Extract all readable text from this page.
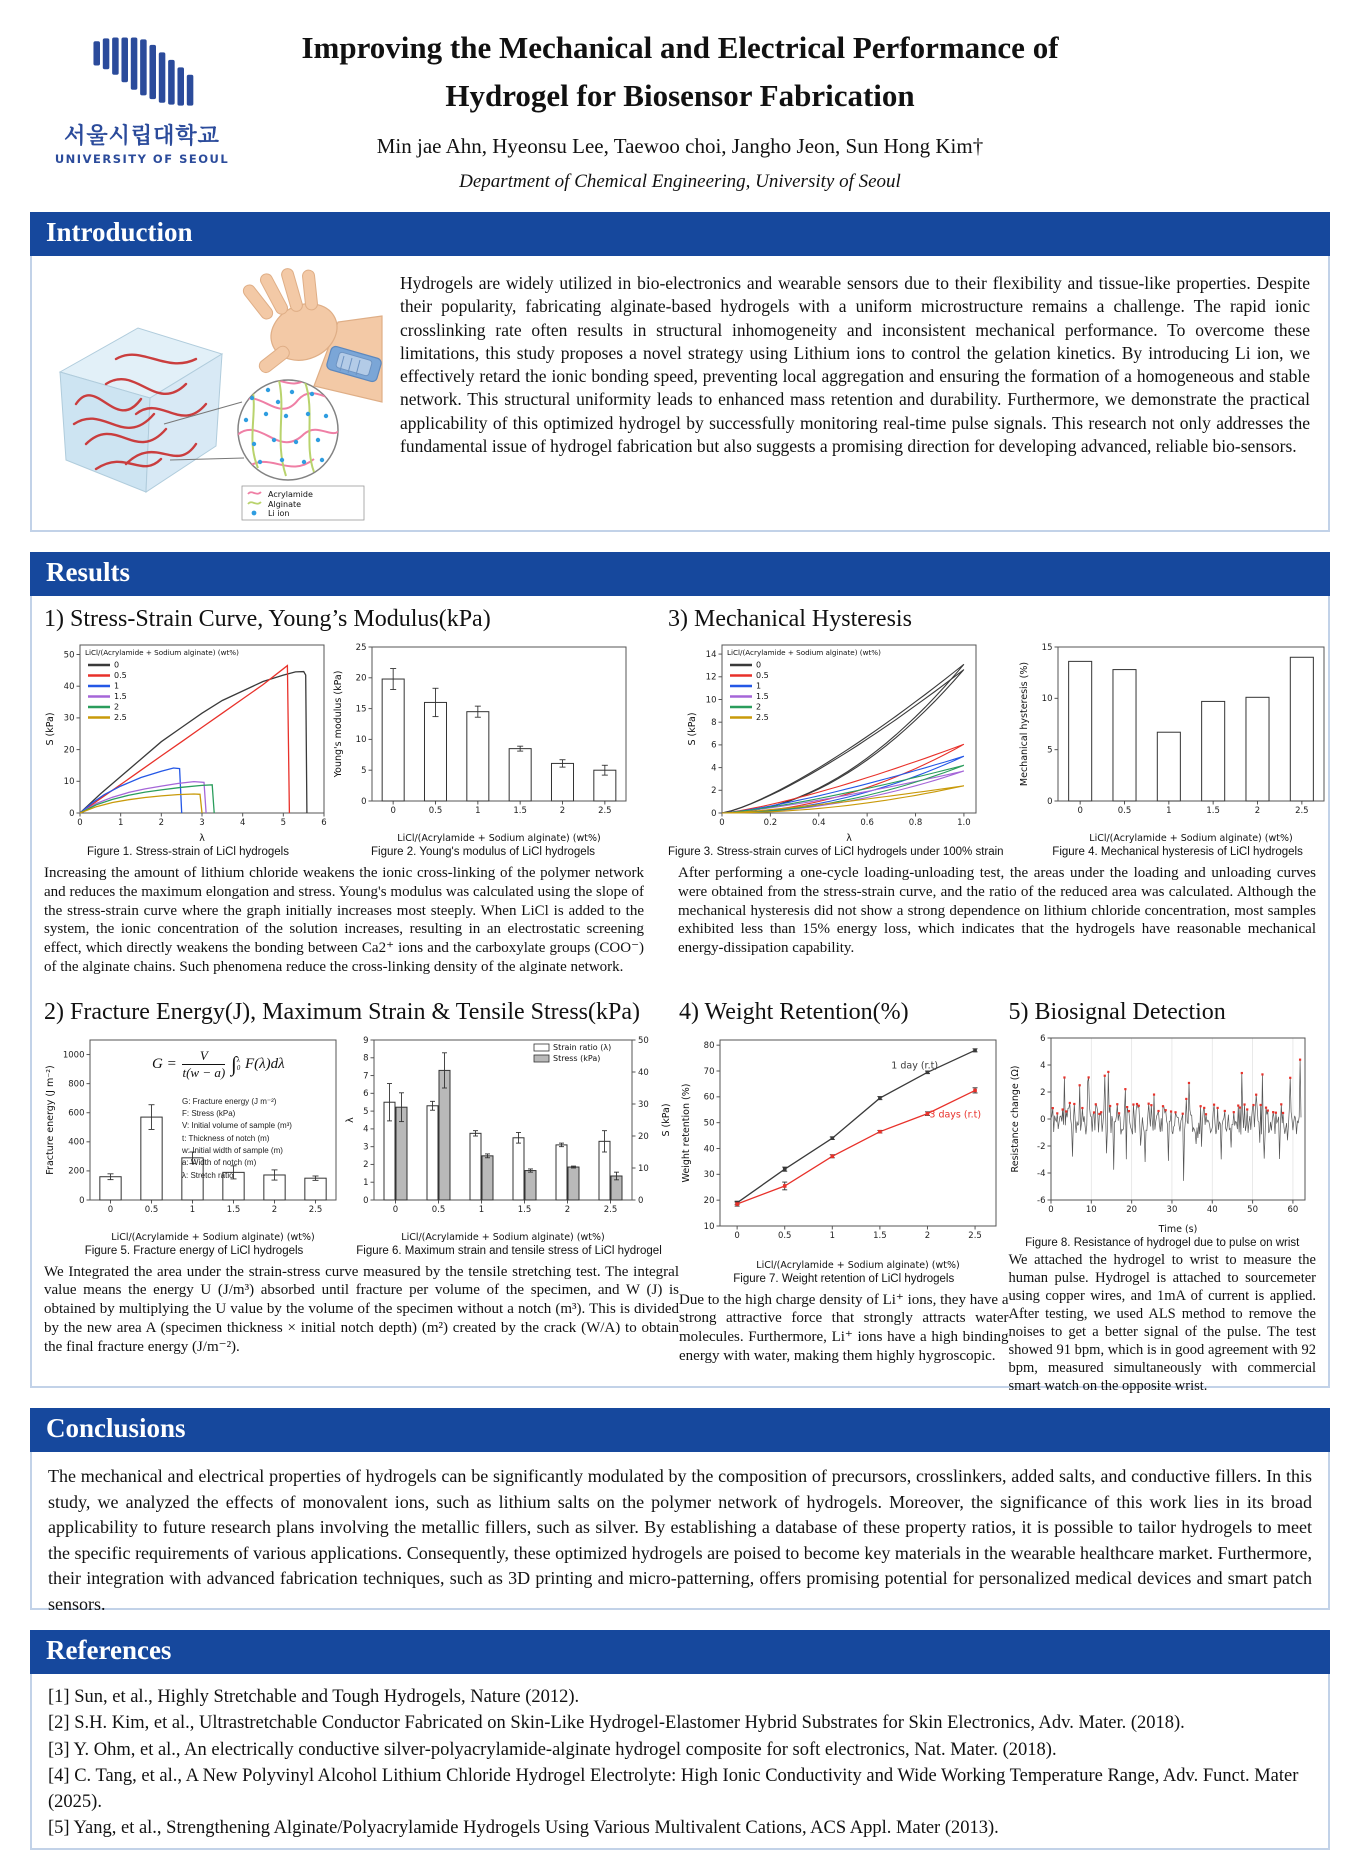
서울시립대학교
UNIVERSITY OF SEOUL
Improving the Mechanical and Electrical Performance of
Hydrogel for Biosensor Fabrication
Min jae Ahn, Hyeonsu Lee, Taewoo choi, Jangho Jeon, Sun Hong Kim†
Department of Chemical Engineering, University of Seoul
Introduction
Acrylamide
Alginate
Li ion
Hydrogels are widely utilized in bio-electronics and wearable sensors due to their flexibility and tissue-like properties. Despite their popularity, fabricating alginate-based hydrogels with a uniform microstructure remains a challenge. The rapid ionic crosslinking rate often results in structural inhomogeneity and inconsistent mechanical performance. To overcome these limitations, this study proposes a novel strategy using Lithium ions to control the gelation kinetics. By introducing Li ion, we effectively retard the ionic bonding speed, preventing local aggregation and ensuring the formation of a homogeneous and stable network. This structural uniformity leads to enhanced mass retention and durability. Furthermore, we demonstrate the practical applicability of this optimized hydrogel by successfully monitoring real-time pulse signals. This research not only addresses the fundamental issue of hydrogel fabrication but also suggests a promising direction for developing advanced, reliable bio-sensors.
Results
1) Stress-Strain Curve, Young’s Modulus(kPa)
0
10
20
30
40
50
0	1	2	3	4	5	6
λ
S (kPa)
LiCl/(Acrylamide + Sodium alginate) (wt%)
0
0.5
1
1.5
2
2.5
Figure 1. Stress-strain of LiCl hydrogels
0
5
10
15
20
25
0	0.5	1	1.5	2	2.5
LiCl/(Acrylamide + Sodium alginate) (wt%)
Young's modulus (kPa)
Figure 2. Young's modulus of LiCl hydrogels
Increasing the amount of lithium chloride weakens the ionic cross-linking of the polymer network and reduces the maximum elongation and stress. Young's modulus was calculated using the slope of the stress-strain curve where the graph initially increases most steeply. When LiCl is added to the system, the ionic concentration of the solution increases, resulting in an electrostatic screening effect, which directly weakens the bonding between Ca2⁺ ions and the carboxylate groups (COO⁻) of the alginate chains. Such phenomena reduce the cross-linking density of the alginate network.
3) Mechanical Hysteresis
0
2
4
6
8
10
12
14
0	0.2	0.4	0.6	0.8	1.0
λ
S (kPa)
LiCl/(Acrylamide + Sodium alginate) (wt%)
0
0.5
1
1.5
2
2.5
Figure 3. Stress-strain curves of LiCl hydrogels under 100% strain
0
5
10
15
0	0.5	1	1.5	2	2.5
LiCl/(Acrylamide + Sodium alginate) (wt%)
Mechanical hysteresis (%)
Figure 4. Mechanical hysteresis of LiCl hydrogels
After performing a one-cycle loading-unloading test, the areas under the loading and unloading curves were obtained from the stress-strain curve, and the ratio of the reduced area was calculated. Although the mechanical hysteresis did not show a strong dependence on lithium chloride concentration, most samples exhibited less than 15% energy loss, which indicates that the hydrogels have reasonable mechanical energy-dissipation capability.
2) Fracture Energy(J), Maximum Strain & Tensile Stress(kPa)
0
200
400
600
800
1000
0	0.5	1	1.5	2	2.5
LiCl/(Acrylamide + Sodium alginate) (wt%)
Fracture energy (J m⁻²)
$G = \frac{V}{t(w - a)}$ ∫ λ
0 F(λ)dλ
G: Fracture energy (J m⁻²)
F: Stress (kPa)
V: Initial volume of sample (m³)
t: Thickness of notch (m)
w: Initial width of sample (m)
a: Width of notch (m)
λ: Stretch ratio
Figure 5. Fracture energy of LiCl hydrogels
0
1
2
3
4
5
6
7
8
9
0
10
20
30
40
50
S (kPa)
0	0.5	1	1.5	2	2.5
LiCl/(Acrylamide + Sodium alginate) (wt%)
λ
Strain ratio (λ)
Stress (kPa)
Figure 6. Maximum strain and tensile stress of LiCl hydrogel
We Integrated the area under the strain-stress curve measured by the tensile stretching test. The integral value means the energy U (J/m³) absorbed until fracture per volume of the specimen, and W (J) is obtained by multiplying the U value by the volume of the specimen without a notch (m³). This is divided by the new area A (specimen thickness × initial notch depth) (m²) created by the crack (W/A) to obtain the final fracture energy (J/m⁻²).
4) Weight Retention(%)
10
20
30
40
50
60
70
80
0	0.5	1	1.5	2	2.5
LiCl/(Acrylamide + Sodium alginate) (wt%)
Weight retention (%)
1 day (r.t)
3 days (r.t)
Figure 7. Weight retention of LiCl hydrogels
Due to the high charge density of Li⁺ ions, they have a strong attractive force that strongly attracts water molecules. Furthermore, Li⁺ ions have a high binding energy with water, making them highly hygroscopic.
5) Biosignal Detection
-6
-4
-2
0
2
4
6
0	10	20	30	40	50	60
Time (s)
Resistance change (Ω)
Figure 8. Resistance of hydrogel due to pulse on wrist
We attached the hydrogel to wrist to measure the human pulse. Hydrogel is attached to sourcemeter using copper wires, and 1mA of current is applied. After testing, we used ALS method to remove the noises to get a better signal of the pulse. The test showed 91 bpm, which is in good agreement with 92 bpm, measured simultaneously with commercial smart watch on the opposite wrist.
Conclusions
The mechanical and electrical properties of hydrogels can be significantly modulated by the composition of precursors, crosslinkers, added salts, and conductive fillers. In this study, we analyzed the effects of monovalent ions, such as lithium salts on the polymer network of hydrogels. Moreover, the significance of this work lies in its broad applicability to future research plans involving the metallic fillers, such as silver. By establishing a database of these property ratios, it is possible to tailor hydrogels to meet the specific requirements of various applications. Consequently, these optimized hydrogels are poised to become key materials in the wearable healthcare market. Furthermore, their integration with advanced fabrication techniques, such as 3D printing and micro-patterning, offers promising potential for personalized medical devices and smart patch sensors.
References
[1] Sun, et al., Highly Stretchable and Tough Hydrogels, Nature (2012).
[2] S.H. Kim, et al., Ultrastretchable Conductor Fabricated on Skin-Like Hydrogel-Elastomer Hybrid Substrates for Skin Electronics, Adv. Mater. (2018).
[3] Y. Ohm, et al., An electrically conductive silver-polyacrylamide-alginate hydrogel composite for soft electronics, Nat. Mater. (2018).
[4] C. Tang, et al., A New Polyvinyl Alcohol Lithium Chloride Hydrogel Electrolyte: High Ionic Conductivity and Wide Working Temperature Range, Adv. Funct. Mater (2025).
[5] Yang, et al., Strengthening Alginate/Polyacrylamide Hydrogels Using Various Multivalent Cations, ACS Appl. Mater (2013).
